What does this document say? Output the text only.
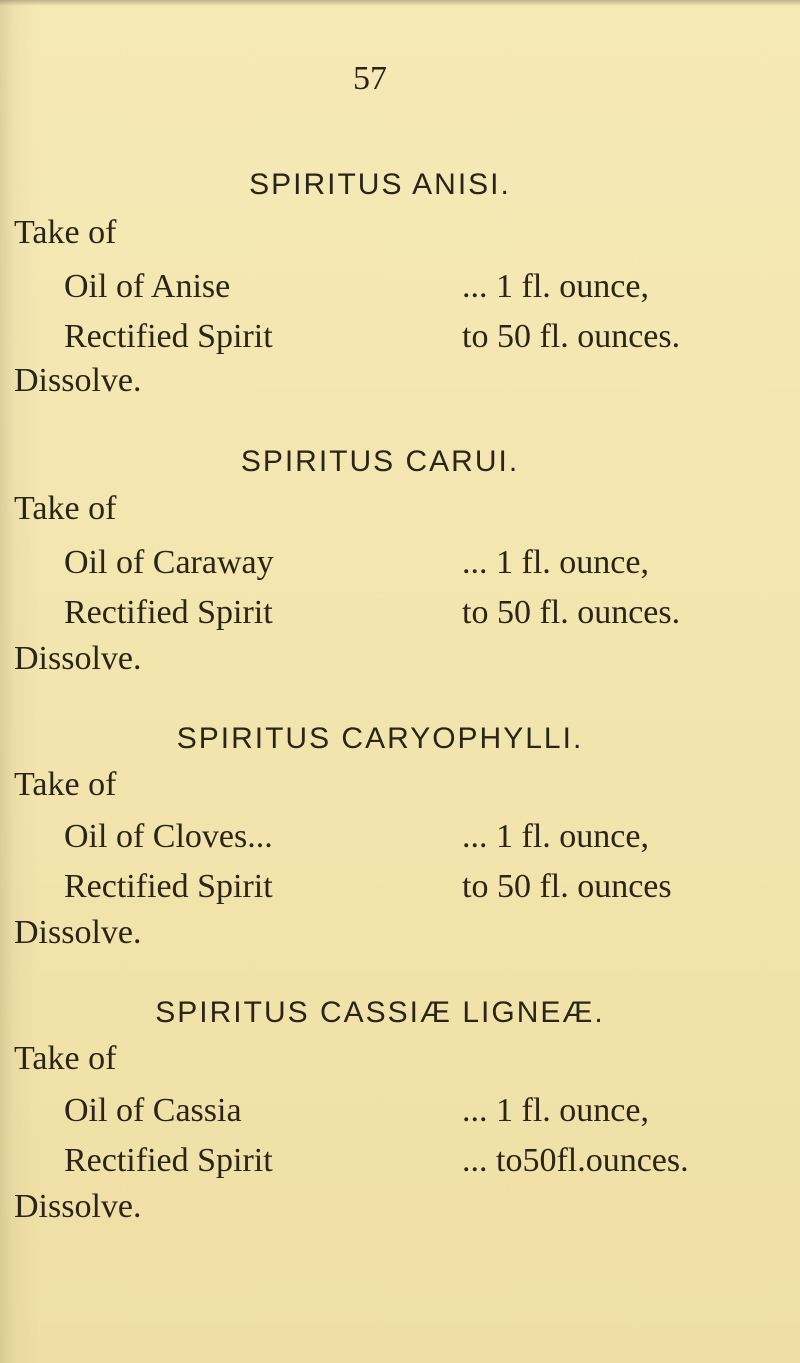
57
SPIRITUS ANISI.
Take of
Oil of Anise	... 1 fl. ounce,
Rectified Spirit	to 50 fl. ounces.
Dissolve.
SPIRITUS CARUI.
Take of
Oil of Caraway	... 1 fl. ounce,
Rectified Spirit	to 50 fl. ounces.
Dissolve.
SPIRITUS CARYOPHYLLI.
Take of
Oil of Cloves...	... 1 fl. ounce,
Rectified Spirit	to 50 fl. ounces
Dissolve.
SPIRITUS CASSIÆ LIGNEÆ.
Take of
Oil of Cassia	... 1 fl. ounce,
Rectified Spirit	... to50fl.ounces.
Dissolve.
